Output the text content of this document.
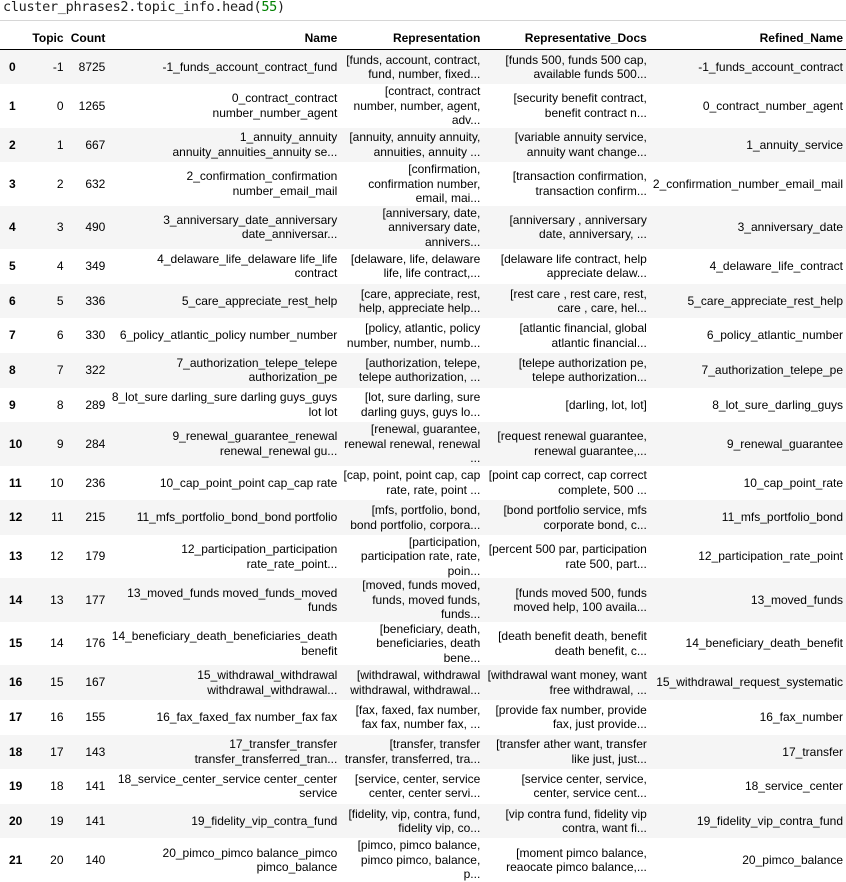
cluster_phrases2.topic_info.head(55)
	Topic	Count	Name	Representation	Representative_Docs	Refined_Name
0	-1	8725	-1_funds_account_contract_fund	[funds, account, contract, fund, number, fixed...	[funds 500, funds 500 cap, available funds 500...	-1_funds_account_contract
1	0	1265	0_contract_contract number_number_agent	[contract, contract number, number, agent, adv...	[security benefit contract, benefit contract n...	0_contract_number_agent
2	1	667	1_annuity_annuity annuity_annuities_annuity se...	[annuity, annuity annuity, annuities, annuity ...	[variable annuity service, annuity want change...	1_annuity_service
3	2	632	2_confirmation_confirmation number_email_mail	[confirmation, confirmation number, email, mai...	[transaction confirmation, transaction confirm...	2_confirmation_number_email_mail
4	3	490	3_anniversary_date_anniversary date_anniversar...	[anniversary, date, anniversary date, annivers...	[anniversary , anniversary date, anniversary, ...	3_anniversary_date
5	4	349	4_delaware_life_delaware life_life contract	[delaware, life, delaware life, life contract,...	[delaware life contract, help appreciate delaw...	4_delaware_life_contract
6	5	336	5_care_appreciate_rest_help	[care, appreciate, rest, help, appreciate help...	[rest care , rest care, rest, care , care, hel...	5_care_appreciate_rest_help
7	6	330	6_policy_atlantic_policy number_number	[policy, atlantic, policy number, number, numb...	[atlantic financial, global atlantic financial...	6_policy_atlantic_number
8	7	322	7_authorization_telepe_telepe authorization_pe	[authorization, telepe, telepe authorization, ...	[telepe authorization pe, telepe authorization...	7_authorization_telepe_pe
9	8	289	8_lot_sure darling_sure darling guys_guys lot lot	[lot, sure darling, sure darling guys, guys lo...	[darling, lot, lot]	8_lot_sure_darling_guys
10	9	284	9_renewal_guarantee_renewal renewal_renewal gu...	[renewal, guarantee, renewal renewal, renewal ...	[request renewal guarantee, renewal guarantee,...	9_renewal_guarantee
11	10	236	10_cap_point_point cap_cap rate	[cap, point, point cap, cap rate, rate, point ...	[point cap correct, cap correct complete, 500 ...	10_cap_point_rate
12	11	215	11_mfs_portfolio_bond_bond portfolio	[mfs, portfolio, bond, bond portfolio, corpora...	[bond portfolio service, mfs corporate bond, c...	11_mfs_portfolio_bond
13	12	179	12_participation_participation rate_rate_point...	[participation, participation rate, rate, poin...	[percent 500 par, participation rate 500, part...	12_participation_rate_point
14	13	177	13_moved_funds moved_funds_moved funds	[moved, funds moved, funds, moved funds, funds...	[funds moved 500, funds moved help, 100 availa...	13_moved_funds
15	14	176	14_beneficiary_death_beneficiaries_death benefit	[beneficiary, death, beneficiaries, death bene...	[death benefit death, benefit death benefit, c...	14_beneficiary_death_benefit
16	15	167	15_withdrawal_withdrawal withdrawal_withdrawal...	[withdrawal, withdrawal withdrawal, withdrawal...	[withdrawal want money, want free withdrawal, ...	15_withdrawal_request_systematic
17	16	155	16_fax_faxed_fax number_fax fax	[fax, faxed, fax number, fax fax, number fax, ...	[provide fax number, provide fax, just provide...	16_fax_number
18	17	143	17_transfer_transfer transfer_transferred_tran...	[transfer, transfer transfer, transferred, tra...	[transfer ather want, transfer like just, just...	17_transfer
19	18	141	18_service_center_service center_center service	[service, center, service center, center servi...	[service center, service, center, service cent...	18_service_center
20	19	141	19_fidelity_vip_contra_fund	[fidelity, vip, contra, fund, fidelity vip, co...	[vip contra fund, fidelity vip contra, want fi...	19_fidelity_vip_contra_fund
21	20	140	20_pimco_pimco balance_pimco pimco_balance	[pimco, pimco balance, pimco pimco, balance, p...	[moment pimco balance, reaocate pimco balance,...	20_pimco_balance
